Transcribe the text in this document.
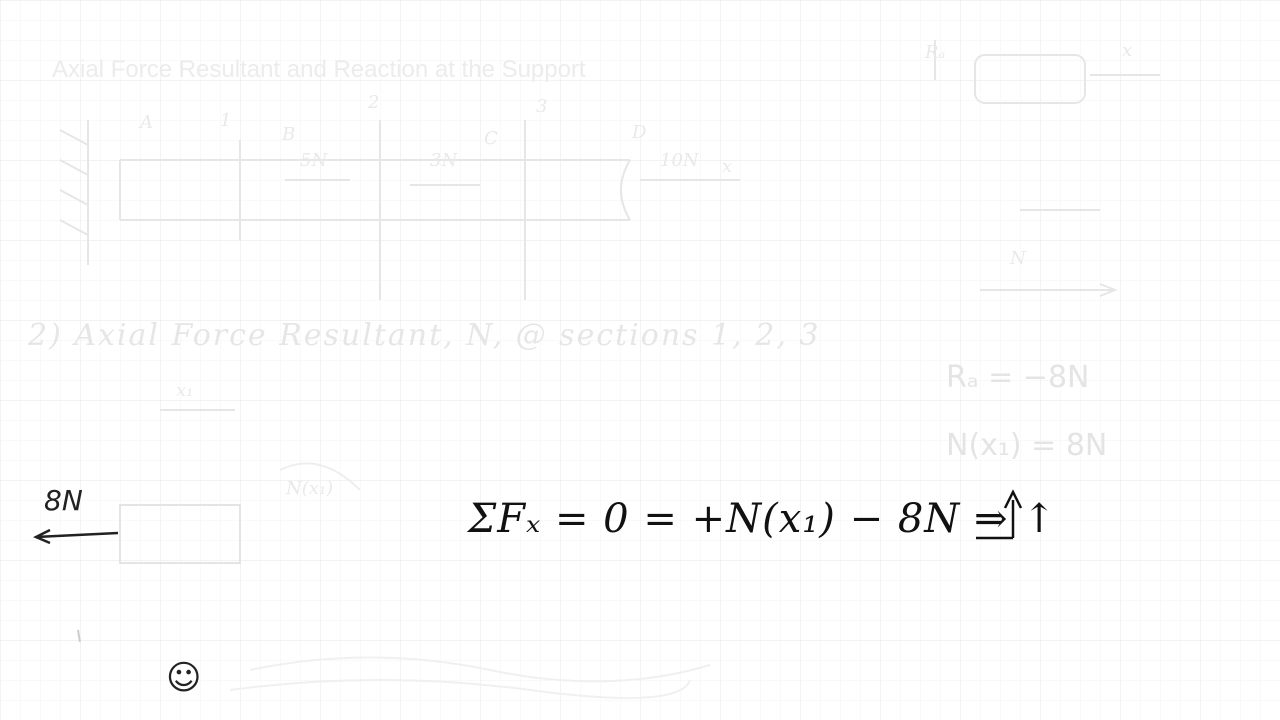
Axial Force Resultant and Reaction at the Support
A
B	C	D
1
2	3
5N	3N	10N x
2) Axial Force Resultant, N, @ sections 1, 2, 3
x₁
8N	N(x₁)
ΣFₓ = 0 = +N(x₁) − 8N ⇒ ↑
Rₐ	x
N
Rₐ = −8N
N(x₁) = 8N
☺
